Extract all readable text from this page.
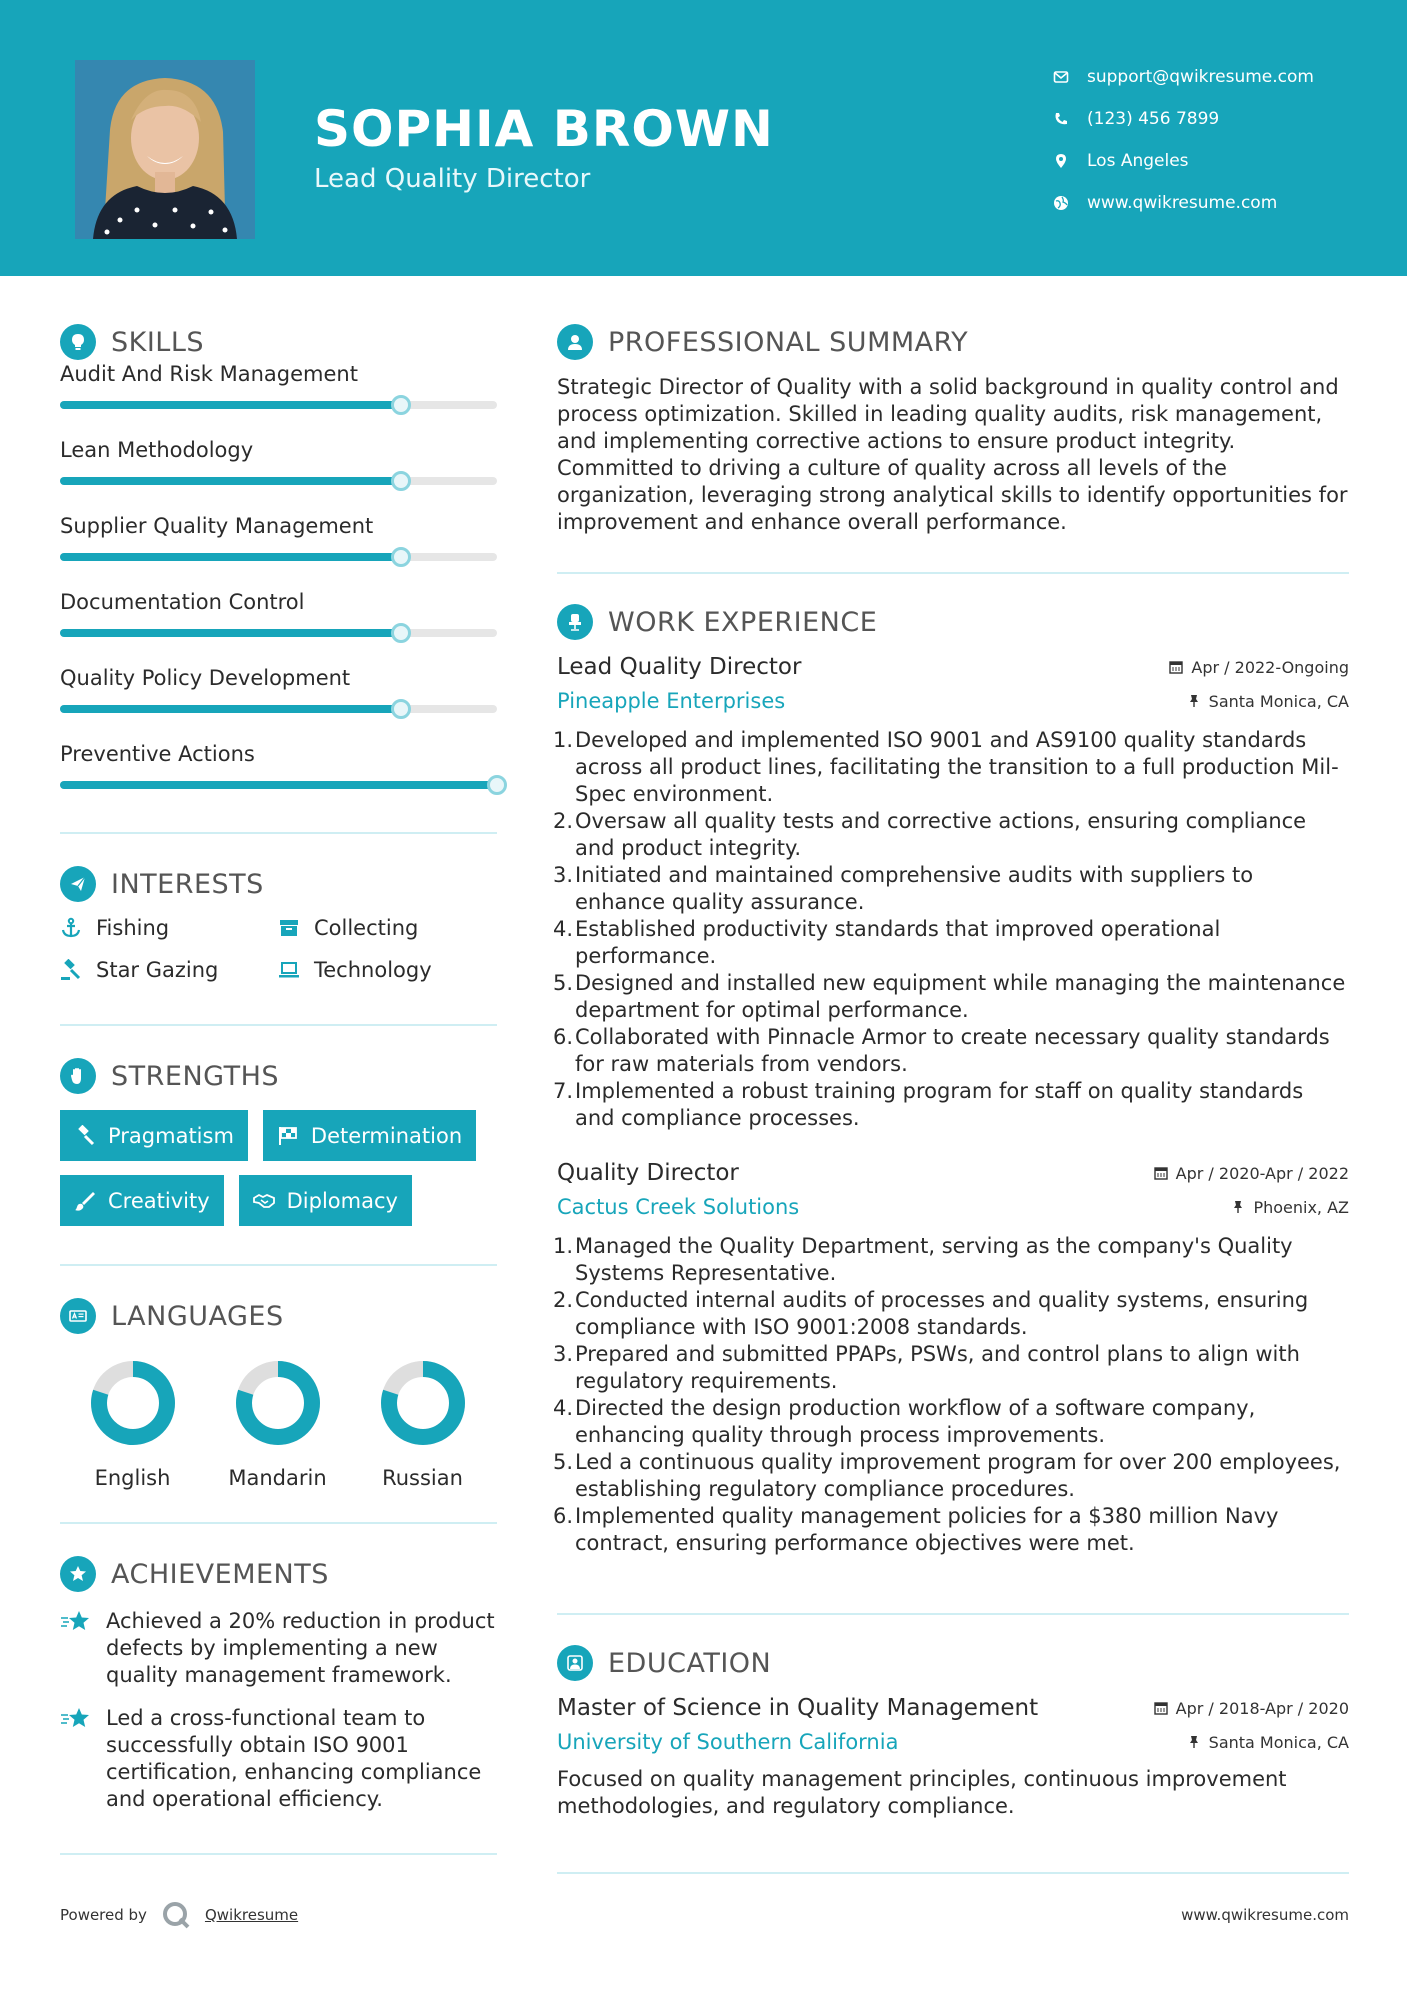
SOPHIA BROWN
Lead Quality Director
support@qwikresume.com
(123) 456 7899
Los Angeles
www.qwikresume.com
SKILLS
Audit And Risk Management
Lean Methodology
Supplier Quality Management
Documentation Control
Quality Policy Development
Preventive Actions
INTERESTS
Fishing	Collecting
Star Gazing	Technology
STRENGTHS
Pragmatism	Determination
Creativity	Diplomacy
LANGUAGES
English	Mandarin	Russian
ACHIEVEMENTS
Achieved a 20% reduction in product defects by implementing a new quality management framework.
Led a cross-functional team to successfully obtain ISO 9001 certification, enhancing compliance and operational efficiency.
PROFESSIONAL SUMMARY

Strategic Director of Quality with a solid background in quality control and process optimization. Skilled in leading quality audits, risk management, and implementing corrective actions to ensure product integrity. Committed to driving a culture of quality across all levels of the organization, leveraging strong analytical skills to identify opportunities for improvement and enhance overall performance.

WORK EXPERIENCE
Lead Quality Director	Apr / 2022-Ongoing
Pineapple Enterprises	Santa Monica, CA
1 . Developed and implemented ISO 9001 and AS9100 quality standards across all product lines, facilitating the transition to a full production Mil-Spec environment.
2 . Oversaw all quality tests and corrective actions, ensuring compliance and product integrity.
3 . Initiated and maintained comprehensive audits with suppliers to enhance quality assurance.
4 . Established productivity standards that improved operational performance.
5 . Designed and installed new equipment while managing the maintenance department for optimal performance.
6 . Collaborated with Pinnacle Armor to create necessary quality standards for raw materials from vendors.
7 . Implemented a robust training program for staff on quality standards and compliance processes.
Quality Director	Apr / 2020-Apr / 2022
Cactus Creek Solutions	Phoenix, AZ
1 . Managed the Quality Department, serving as the company's Quality Systems Representative.
2 . Conducted internal audits of processes and quality systems, ensuring compliance with ISO 9001:2008 standards.
3 . Prepared and submitted PPAPs, PSWs, and control plans to align with regulatory requirements.
4 . Directed the design production workflow of a software company, enhancing quality through process improvements.
5 . Led a continuous quality improvement program for over 200 employees, establishing regulatory compliance procedures.
6 . Implemented quality management policies for a $380 million Navy contract, ensuring performance objectives were met.
EDUCATION
Master of Science in Quality Management	Apr / 2018-Apr / 2020
University of Southern California	Santa Monica, CA

Focused on quality management principles, continuous improvement methodologies, and regulatory compliance.

Powered by	Qwikresume	www.qwikresume.com
